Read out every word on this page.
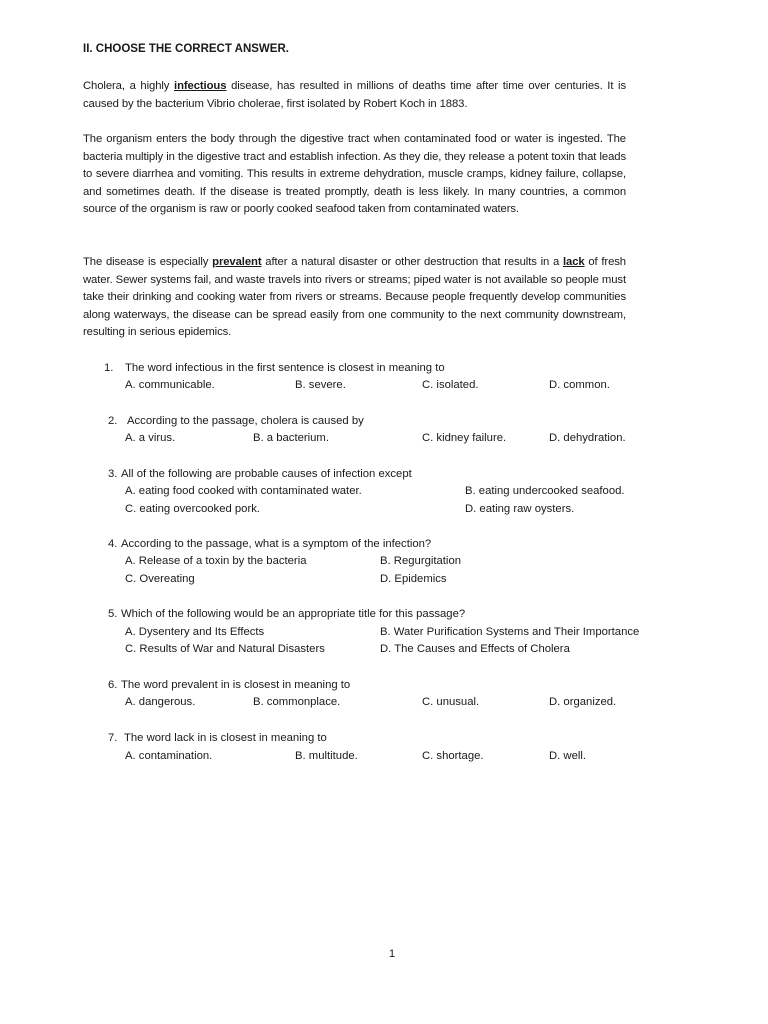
II. CHOOSE THE CORRECT ANSWER.

Cholera, a highly infectious disease, has resulted in millions of deaths time after time over centuries. It is caused by the bacterium Vibrio cholerae, first isolated by Robert Koch in 1883.

The organism enters the body through the digestive tract when contaminated food or water is ingested. The bacteria multiply in the digestive tract and establish infection. As they die, they release a potent toxin that leads to severe diarrhea and vomiting. This results in extreme dehydration, muscle cramps, kidney failure, collapse, and sometimes death. If the disease is treated promptly, death is less likely. In many countries, a common source of the organism is raw or poorly cooked seafood taken from contaminated waters.

The disease is especially prevalent after a natural disaster or other destruction that results in a lack of fresh water. Sewer systems fail, and waste travels into rivers or streams; piped water is not available so people must take their drinking and cooking water from rivers or streams. Because people frequently develop communities along waterways, the disease can be spread easily from one community to the next community downstream, resulting in serious epidemics.

1. The word infectious in the first sentence is closest in meaning to
A. communicable.	B. severe.	C. isolated.	D. common.
2. According to the passage, cholera is caused by
A. a virus.	B. a bacterium.	C. kidney failure.	D. dehydration.
3. All of the following are probable causes of infection except
A. eating food cooked with contaminated water.	B. eating undercooked seafood.
C. eating overcooked pork.	D. eating raw oysters.
4. According to the passage, what is a symptom of the infection?
A. Release of a toxin by the bacteria	B. Regurgitation
C. Overeating	D. Epidemics
5. Which of the following would be an appropriate title for this passage?
A. Dysentery and Its Effects	B. Water Purification Systems and Their Importance
C. Results of War and Natural Disasters	D. The Causes and Effects of Cholera
6. The word prevalent in is closest in meaning to
A. dangerous.	B. commonplace.	C. unusual.	D. organized.
7. The word lack in is closest in meaning to
A. contamination.	B. multitude.	C. shortage.	D. well.
1
